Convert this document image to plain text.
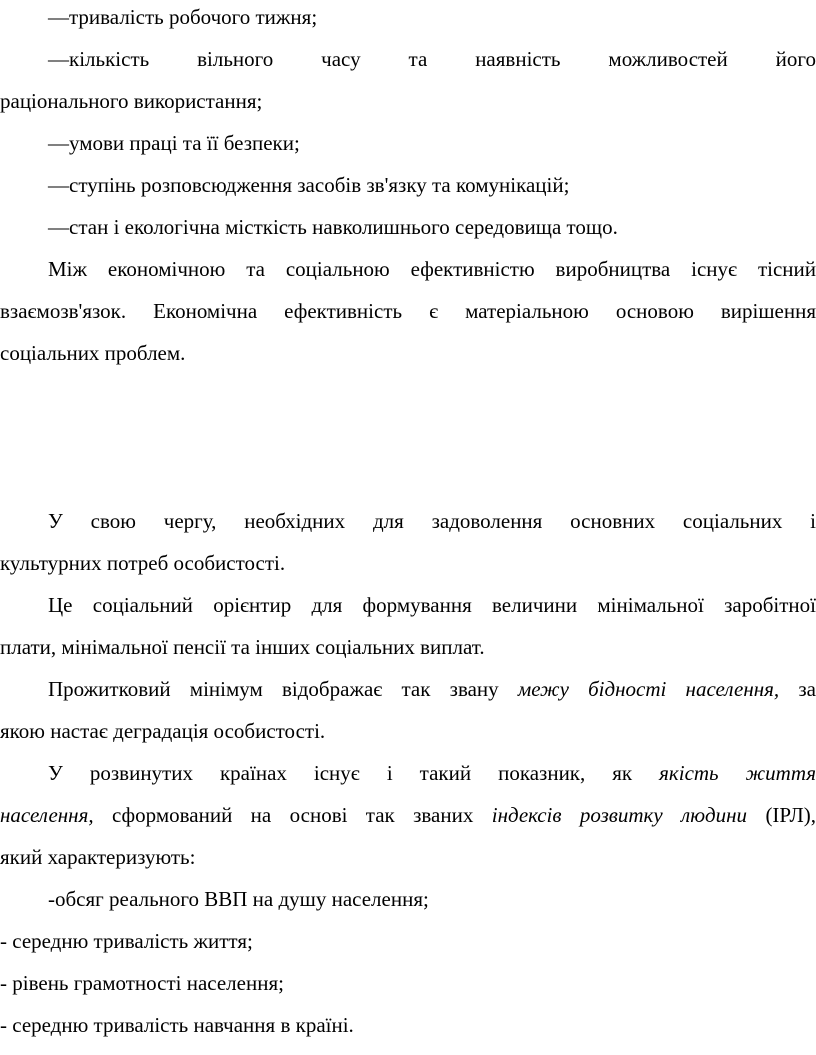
—тривалість робочого тижня;
—кількість вільного часу та наявність можливостей його
раціонального використання;
—умови праці та її безпеки;
—ступінь розповсюдження засобів зв'язку та комунікацій;
—стан і екологічна місткість навколишнього середовища тощо.
Між економічною та соціальною ефективністю виробництва існує тісний
взаємозв'язок. Економічна ефективність є матеріальною основою вирішення
соціальних проблем.
У свою чергу, необхідних для задоволення основних соціальних і
культурних потреб особистості.
Це соціальний орієнтир для формування величини мінімальної заробітної
плати, мінімальної пенсії та інших соціальних виплат.
Прожитковий мінімум відображає так звану межу бідності населення, за
якою настає деградація особистості.
У розвинутих країнах існує і такий показник, як якість життя
населення, сформований на основі так званих індексів розвитку людини (ІРЛ),
який характеризують:
-обсяг реального ВВП на душу населення;
- середню тривалість життя;
- рівень грамотності населення;
- середню тривалість навчання в країні.
